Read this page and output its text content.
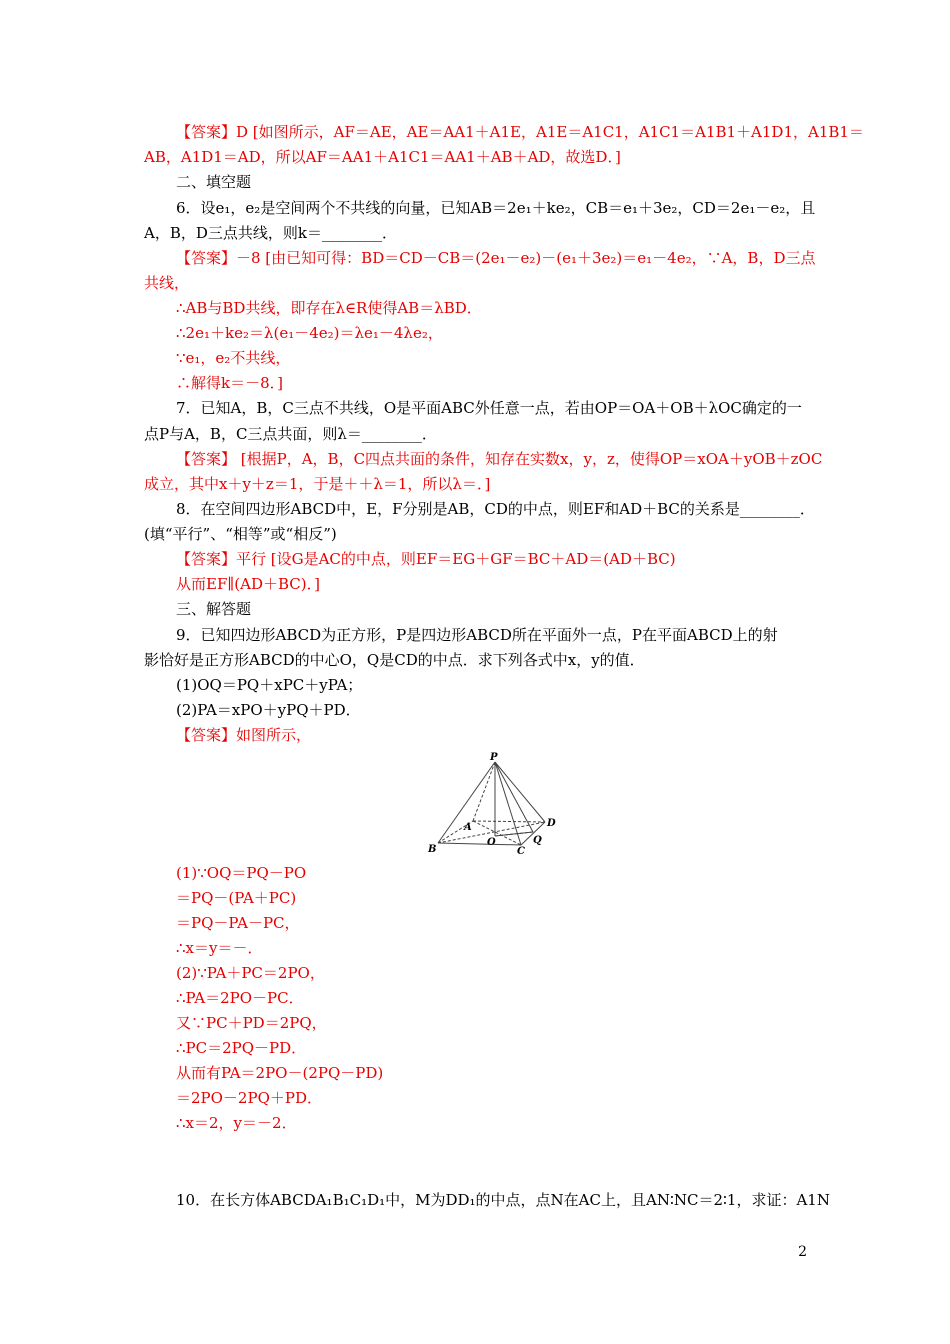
【答案】D [如图所示，AF＝AE，AE＝AA1＋A1E，A1E＝A1C1，A1C1＝A1B1＋A1D1，A1B1＝
AB，A1D1＝AD，所以AF＝AA1＋A1C1＝AA1＋AB＋AD，故选D．]
二、填空题
6．设e₁，e₂是空间两个不共线的向量，已知AB＝2e₁＋ke₂，CB＝e₁＋3e₂，CD＝2e₁－e₂，且
A，B，D三点共线，则k＝________．
【答案】－8 [由已知可得：BD＝CD－CB＝(2e₁－e₂)－(e₁＋3e₂)＝e₁－4e₂，∵A，B，D三点
共线，
∴AB与BD共线，即存在λ∈R使得AB＝λBD．
∴2e₁＋ke₂＝λ(e₁－4e₂)＝λe₁－4λe₂，
∵e₁，e₂不共线，
∴解得k＝－8．]
7．已知A，B，C三点不共线，O是平面ABC外任意一点，若由OP＝OA＋OB＋λOC确定的一
点P与A，B，C三点共面，则λ＝________．
【答案】 [根据P，A，B，C四点共面的条件，知存在实数x，y，z，使得OP＝xOA＋yOB＋zOC
成立，其中x＋y＋z＝1，于是＋＋λ＝1，所以λ＝．]
8．在空间四边形ABCD中，E，F分别是AB，CD的中点，则EF和AD＋BC的关系是________．
(填“平行”、“相等”或“相反”)
【答案】平行 [设G是AC的中点，则EF＝EG＋GF＝BC＋AD＝(AD＋BC)
从而EF∥(AD＋BC)．]
三、解答题
9．已知四边形ABCD为正方形，P是四边形ABCD所在平面外一点，P在平面ABCD上的射
影恰好是正方形ABCD的中心O，Q是CD的中点．求下列各式中x，y的值．
(1)OQ＝PQ＋xPC＋yPA；
(2)PA＝xPO＋yPQ＋PD．
【答案】如图所示，
P
A
B	C
D
O	Q
(1)∵OQ＝PQ－PO
＝PQ－(PA＋PC)
＝PQ－PA－PC，
∴x＝y＝－．
(2)∵PA＋PC＝2PO，
∴PA＝2PO－PC．
又∵PC＋PD＝2PQ，
∴PC＝2PQ－PD．
从而有PA＝2PO－(2PQ－PD)
＝2PO－2PQ＋PD．
∴x＝2，y＝－2．
10．在长方体ABCDA₁B₁C₁D₁中，M为DD₁的中点，点N在AC上，且AN∶NC＝2∶1，求证：A1N
2
